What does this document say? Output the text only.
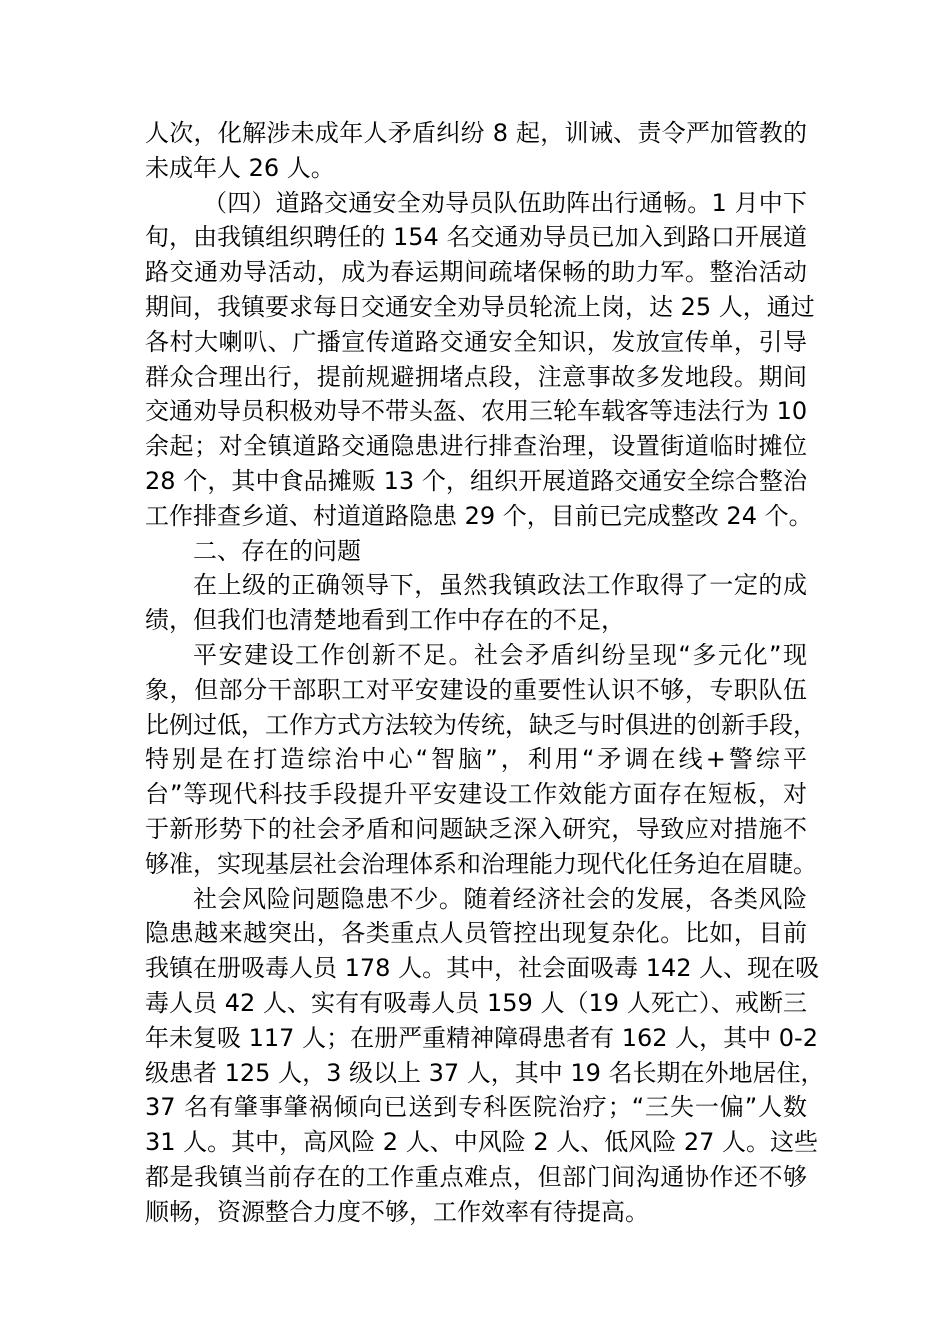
人次，化解涉未成年人矛盾纠纷 8 起，训诫、责令严加管教的
未成年人 26 人。
（四）道路交通安全劝导员队伍助阵出行通畅。1 月中下
旬，由我镇组织聘任的 154 名交通劝导员已加入到路口开展道
路交通劝导活动，成为春运期间疏堵保畅的助力军。整治活动
期间，我镇要求每日交通安全劝导员轮流上岗，达 25 人，通过
各村大喇叭、广播宣传道路交通安全知识，发放宣传单，引导
群众合理出行，提前规避拥堵点段，注意事故多发地段。期间
交通劝导员积极劝导不带头盔、农用三轮车载客等违法行为 10
余起；对全镇道路交通隐患进行排查治理，设置街道临时摊位
28 个，其中食品摊贩 13 个，组织开展道路交通安全综合整治
工作排查乡道、村道道路隐患 29 个，目前已完成整改 24 个。
二、存在的问题
在上级的正确领导下，虽然我镇政法工作取得了一定的成
绩，但我们也清楚地看到工作中存在的不足，
平安建设工作创新不足。社会矛盾纠纷呈现“多元化”现
象，但部分干部职工对平安建设的重要性认识不够，专职队伍
比例过低，工作方式方法较为传统，缺乏与时俱进的创新手段，
特别是在打造综治中心“智脑”，利用“矛调在线+警综平
台”等现代科技手段提升平安建设工作效能方面存在短板，对
于新形势下的社会矛盾和问题缺乏深入研究，导致应对措施不
够准，实现基层社会治理体系和治理能力现代化任务迫在眉睫。
社会风险问题隐患不少。随着经济社会的发展，各类风险
隐患越来越突出，各类重点人员管控出现复杂化。比如，目前
我镇在册吸毒人员 178 人。其中，社会面吸毒 142 人、现在吸
毒人员 42 人、实有有吸毒人员 159 人（19 人死亡）、戒断三
年未复吸 117 人；在册严重精神障碍患者有 162 人，其中 0-2
级患者 125 人，3 级以上 37 人，其中 19 名长期在外地居住，
37 名有肇事肇祸倾向已送到专科医院治疗；“三失一偏”人数
31 人。其中，高风险 2 人、中风险 2 人、低风险 27 人。这些
都是我镇当前存在的工作重点难点，但部门间沟通协作还不够
顺畅，资源整合力度不够，工作效率有待提高。
